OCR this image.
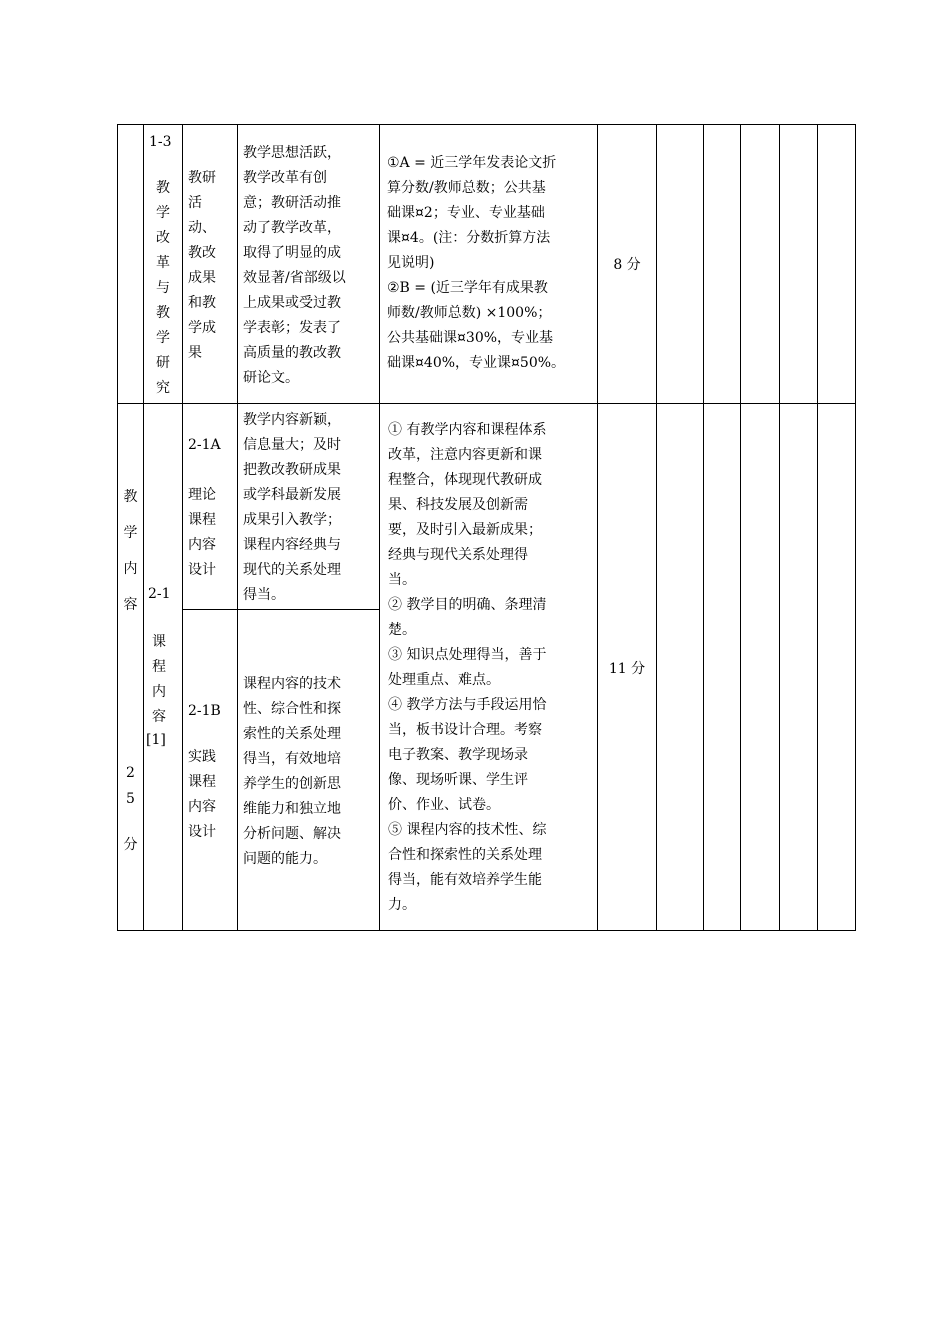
1-3
教
学
改
革
与
教
学
研
究
教研
活
动、
教改
成果
和教
学成
果
教学思想活跃，
教学改革有创
意；教研活动推
动了教学改革，
取得了明显的成
效显著/省部级以
上成果或受过教
学表彰；发表了
高质量的教改教
研论文。
①A = 近三学年发表论文折
算分数/教师总数；公共基
础课¤2；专业、专业基础
课¤4。(注：分数折算方法
见说明)
②B = (近三学年有成果教
师数/教师总数) ×100%；
公共基础课¤30%，专业基
础课¤40%，专业课¤50%。
8 分
教
学
内
容
2
5
分
2-1
课
程
内
容
[1]
2-1A
理论
课程
内容
设计
教学内容新颖，
信息量大；及时
把教改教研成果
或学科最新发展
成果引入教学；
课程内容经典与
现代的关系处理
得当。
2-1B
实践
课程
内容
设计
课程内容的技术
性、综合性和探
索性的关系处理
得当，有效地培
养学生的创新思
维能力和独立地
分析问题、解决
问题的能力。
① 有教学内容和课程体系
改革，注意内容更新和课
程整合，体现现代教研成
果、科技发展及创新需
要，及时引入最新成果；
经典与现代关系处理得
当。
② 教学目的明确、条理清
楚。
③ 知识点处理得当，善于
处理重点、难点。
④ 教学方法与手段运用恰
当，板书设计合理。考察
电子教案、教学现场录
像、现场听课、学生评
价、作业、试卷。
⑤ 课程内容的技术性、综
合性和探索性的关系处理
得当，能有效培养学生能
力。
11 分
